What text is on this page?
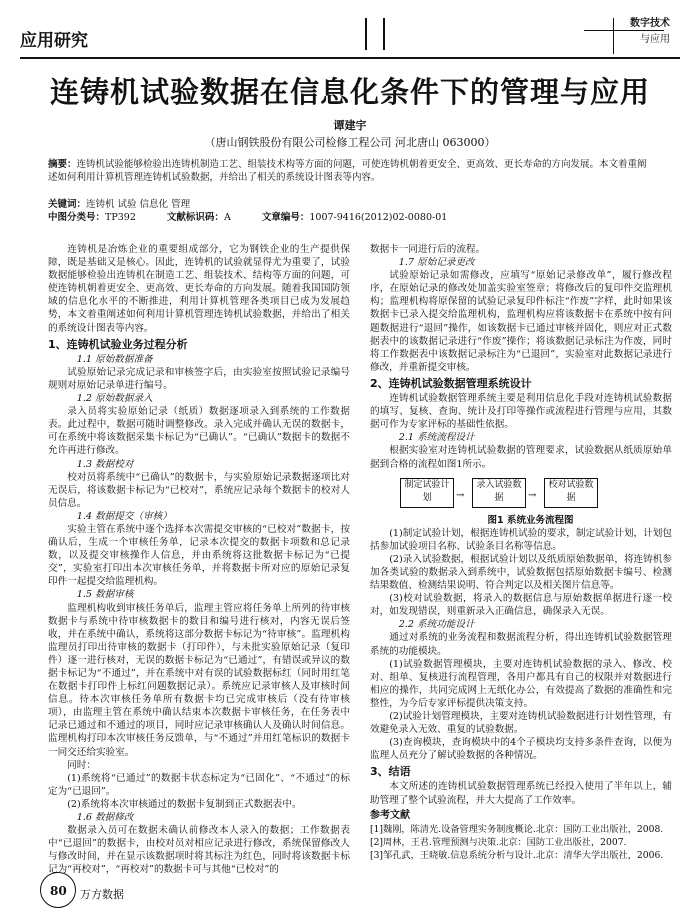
应用研究
数字技术
与应用
连铸机试验数据在信息化条件下的管理与应用
谭建宇
（唐山钢铁股份有限公司检修工程公司 河北唐山 063000）
摘要：连铸机试验能够检验出连铸机制造工艺、组装技术构等方面的问题，可使连铸机朝着更安全、更高效、更长寿命的方向发展。本文着重阐述如何利用计算机管理连铸机试验数据，并给出了相关的系统设计图表等内容。
关键词：连铸机 试验 信息化 管理
中图分类号：TP392	文献标识码：A	文章编号：1007-9416(2012)02-0080-01

连铸机是冶炼企业的重要组成部分，它为钢铁企业的生产提供保障，既是基础又是核心。因此，连铸机的试验就显得尤为重要了，试验数据能够检验出连铸机在制造工艺、组装技术、结构等方面的问题，可使连铸机朝着更安全、更高效、更长寿命的方向发展。随着我国国防领域的信息化水平的不断推进，利用计算机管理各类项目已成为发展趋势，本文着重阐述如何利用计算机管理连铸机试验数据，并给出了相关的系统设计图表等内容。

1、连铸机试验业务过程分析

1.1 原始数据准备

试验原始记录完成记录和审核签字后，由实验室按照试验记录编号规则对原始记录单进行编号。

1.2 原始数据录入

录入员将实验原始记录（纸质）数据逐项录入到系统的工作数据表。此过程中，数据可随时调整修改。录入完成并确认无误的数据卡，可在系统中将该数据采集卡标记为“已确认”。“已确认”数据卡的数据不允许再进行修改。

1.3 数据校对

校对员将系统中“已确认”的数据卡，与实验原始记录数据逐项比对无误后，将该数据卡标记为“已校对”，系统应记录每个数据卡的校对人员信息。

1.4 数据提交（审核）

实验主管在系统中逐个选择本次需提交审核的“已校对”数据卡，按确认后，生成一个审核任务单，记录本次提交的数据卡项数和总记录数，以及提交审核操作人信息，并由系统将这批数据卡标记为“已提交”，实验室打印出本次审核任务单，并将数据卡所对应的原始记录复印件一起提交给监理机构。

1.5 数据审核

监理机构收到审核任务单后，监理主管应将任务单上所列的待审核数据卡与系统中待审核数据卡的数目和编号进行核对，内容无误后签收，并在系统中确认，系统将这部分数据卡标记为“待审核”。监理机构监理员打印出待审核的数据卡（打印件），与未批实验原始记录（复印件）逐一进行核对，无误的数据卡标记为“已通过”，有错误或异议的数据卡标记为“不通过”，并在系统中对有误的试验数据标红（同时用红笔在数据卡打印件上标红问题数据记录）。系统应记录审核人及审核时间信息。待本次审核任务单所有数据卡均已完成审核后（没有待审核项），由监理主管在系统中确认结束本次数据卡审核任务，在任务表中记录已通过和不通过的项目，同时应记录审核确认人及确认时间信息。监理机构打印本次审核任务反馈单，与“不通过”并用红笔标识的数据卡一同交还给实验室。

同时：

(1)系统将“已通过”的数据卡状态标定为“已固化”、“不通过”的标定为“已退回”。

(2)系统将本次审核通过的数据卡复制到正式数据表中。

1.6 数据修改

数据录入员可在数据未确认前修改本人录入的数据；工作数据表中“已退回”的数据卡，由校对员对相应记录进行修改，系统保留修改人与修改时间，并在显示该数据项时将其标注为红色，同时将该数据卡标记为“再校对”，“再校对”的数据卡可与其他“已校对”的

数据卡一同进行后的流程。

1.7 原始记录更改

试验原始记录如需修改，应填写“原始记录修改单”，履行修改程序，在原始记录的修改处加盖实验室签章；将修改后的复印件交监理机构；监理机构将原保留的试验记录复印件标注“作废”字样，此时如果该数据卡已录入提交给监理机构，监理机构应将该数据卡在系统中按有问题数据进行“退回”操作，如该数据卡已通过审核并固化，则应对正式数据表中的该数据记录进行“作废”操作；将该数据记录标注为作废，同时将工作数据表中该数据记录标注为“已退回”，实验室对此数据记录进行修改，并重新提交审核。

2、连铸机试验数据管理系统设计

连铸机试验数据管理系统主要是利用信息化手段对连铸机试验数据的填写、复核、查询、统计及打印等操作或流程进行管理与应用，其数据可作为专家评标的基础性依据。

2.1 系统流程设计

根据实验室对连铸机试验数据的管理要求，试验数据从纸质原始单据到合格的流程如图1所示。

制定试验计划	→
录入试验数据	→
校对试验数据

图1 系统业务流程图

(1)制定试验计划，根据连铸机试验的要求，制定试验计划，计划包括参加试验项目名称、试验条目名称等信息。

(2)录入试验数据，根据试验计划以及纸质原始数据单，将连铸机参加各类试验的数据录入到系统中，试验数据包括原始数据卡编号、检测结果数值、检测结果说明、符合判定以及相关图片信息等。

(3)校对试验数据，将录入的数据信息与原始数据单据进行逐一校对，如发现错误，则重新录入正确信息，确保录入无误。

2.2 系统功能设计

通过对系统的业务流程和数据流程分析，得出连铸机试验数据管理系统的功能模块。

(1)试验数据管理模块，主要对连铸机试验数据的录入、修改、校对、组单、复核进行流程管理，各用户都具有自己的权限并对数据进行相应的操作，共同完成网上无纸化办公，有效提高了数据的准确性和完整性，为今后专家评标提供决策支持。

(2)试验计划管理模块，主要对连铸机试验数据进行计划性管理，有效避免录入无效、重复的试验数据。

(3)查询模块，查询模块中的4个子模块均支持多条件查询，以便为监理人员充分了解试验数据的各种情况。

3、结语

本文所述的连铸机试验数据管理系统已经投入使用了半年以上，辅助管理了整个试验流程，并大大提高了工作效率。

参考文献

[1]魏刚，陈清光.设备管理实务制度概论.北京：国防工业出版社，2008.

[2]周林，王君.管理预测与决策.北京：国防工业出版社，2007.

[3]邹孔武，王晓敏.信息系统分析与设计.北京：清华大学出版社，2006.

80 万方数据
